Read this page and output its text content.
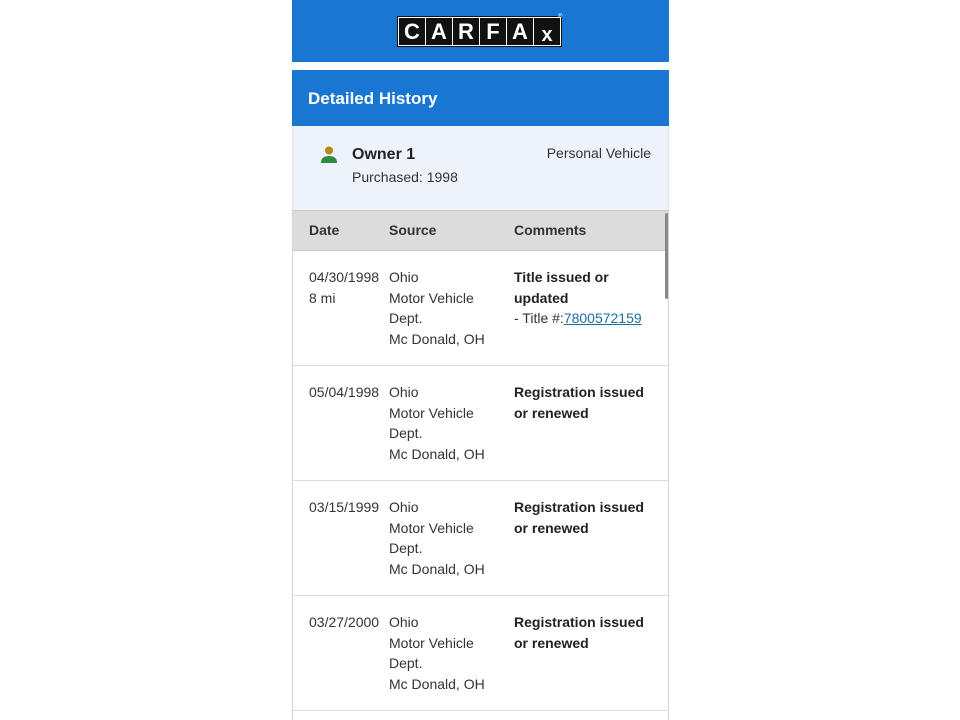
C A R F A x
®
Detailed History
Owner 1
Purchased: 1998
Personal Vehicle
Date	Source	Comments
04/30/1998
8 mi
Ohio
Motor Vehicle
Dept.
Mc Donald, OH
Title issued or
updated
- Title #:7800572159
05/04/1998 Ohio
Motor Vehicle
Dept.
Mc Donald, OH
Registration issued
or renewed
03/15/1999 Ohio
Motor Vehicle
Dept.
Mc Donald, OH
Registration issued
or renewed
03/27/2000 Ohio
Motor Vehicle
Dept.
Mc Donald, OH
Registration issued
or renewed
